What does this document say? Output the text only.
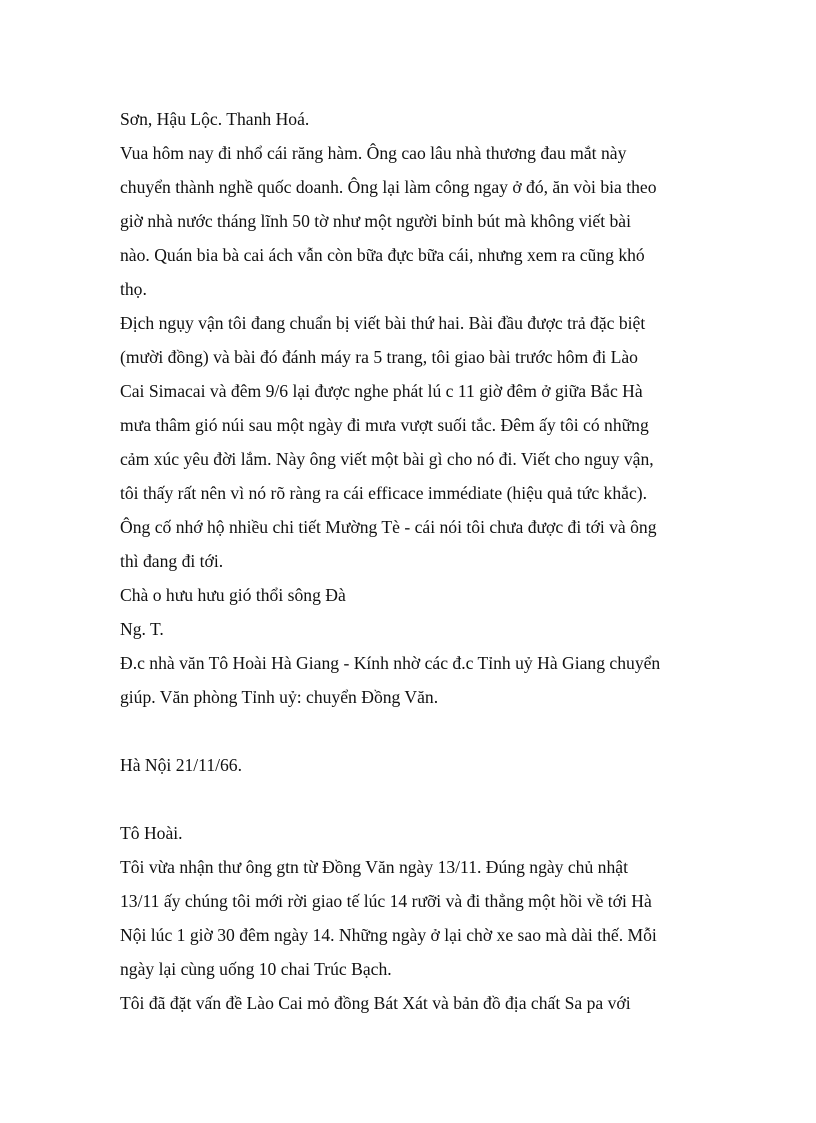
Sơn, Hậu Lộc. Thanh Hoá.

Vua hôm nay đi nhổ cái răng hàm. Ông cao lâu nhà thương đau mắt này
chuyển thành nghề quốc doanh. Ông lại làm công ngay ở đó, ăn vòi bia theo
giờ nhà nước tháng lĩnh 50 tờ như một người bỉnh bút mà không viết bài
nào. Quán bia bà cai ách vẫn còn bữa đực bữa cái, nhưng xem ra cũng khó
thọ.

Địch ngụy vận tôi đang chuẩn bị viết bài thứ hai. Bài đầu được trả đặc biệt
(mười đồng) và bài đó đánh máy ra 5 trang, tôi giao bài trước hôm đi Lào
Cai Simacai và đêm 9/6 lại được nghe phát lú c 11 giờ đêm ở giữa Bắc Hà
mưa thâm gió núi sau một ngày đi mưa vượt suối tắc. Đêm ấy tôi có những
cảm xúc yêu đời lắm. Này ông viết một bài gì cho nó đi. Viết cho nguy vận,
tôi thấy rất nên vì nó rõ ràng ra cái efficace immédiate (hiệu quả tức khắc).
Ông cố nhớ hộ nhiều chi tiết Mường Tè - cái nói tôi chưa được đi tới và ông
thì đang đi tới.

Chà o hưu hưu gió thổi sông Đà

Ng. T.

Đ.c nhà văn Tô Hoài Hà Giang - Kính nhờ các đ.c Tỉnh uỷ Hà Giang chuyển
giúp. Văn phòng Tỉnh uỷ: chuyển Đồng Văn.

Hà Nội 21/11/66.

Tô Hoài.

Tôi vừa nhận thư ông gtn từ Đồng Văn ngày 13/11. Đúng ngày chủ nhật
13/11 ấy chúng tôi mới rời giao tế lúc 14 rưỡi và đi thẳng một hồi về tới Hà
Nội lúc 1 giờ 30 đêm ngày 14. Những ngày ở lại chờ xe sao mà dài thế. Mỗi
ngày lại cùng uống 10 chai Trúc Bạch.

Tôi đã đặt vấn đề Lào Cai mỏ đồng Bát Xát và bản đồ địa chất Sa pa với
